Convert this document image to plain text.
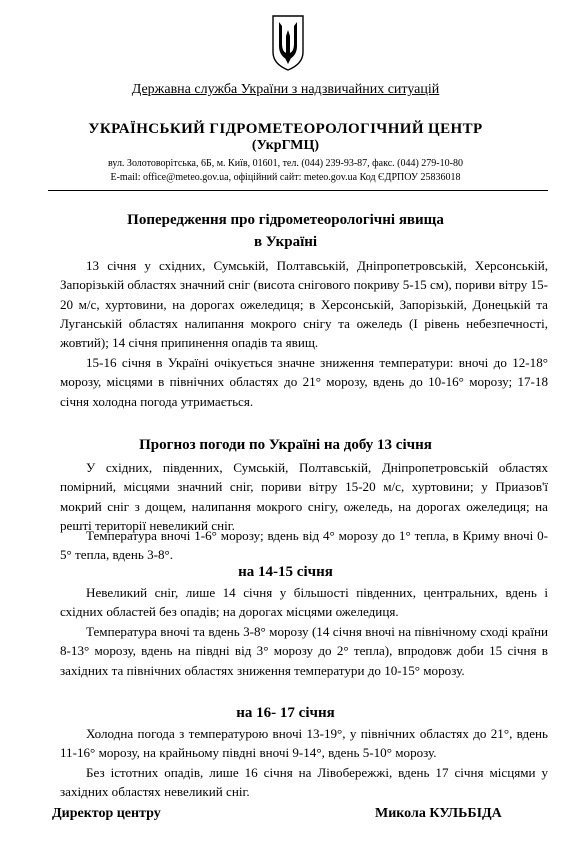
Державна служба України з надзвичайних ситуацій
УКРАЇНСЬКИЙ ГІДРОМЕТЕОРОЛОГІЧНИЙ ЦЕНТР
(УкрГМЦ)
вул. Золотоворітська, 6Б, м. Київ, 01601, тел. (044) 239-93-87, факс. (044) 279-10-80
E-mail: office@meteo.gov.ua, офіційний сайт: meteo.gov.ua Код ЄДРПОУ 25836018
Попередження про гідрометеорологічні явища
в Україні

13 січня у східних, Сумській, Полтавській, Дніпропетровській, Херсонській, Запорізькій областях значний сніг (висота снігового покриву 5-15 см), пориви вітру 15-20 м/с, хуртовини, на дорогах ожеледиця; в Херсонській, Запорізькій, Донецькій та Луганській областях налипання мокрого снігу та ожеледь (І рівень небезпечності, жовтий); 14 січня припинення опадів та явищ.

15-16 січня в Україні очікується значне зниження температури: вночі до 12-18° морозу, місцями в північних областях до 21° морозу, вдень до 10-16° морозу; 17-18 січня холодна погода утримається.

Прогноз погоди по Україні на добу 13 січня

У східних, південних, Сумській, Полтавській, Дніпропетровській областях помірний, місцями значний сніг, пориви вітру 15-20 м/с, хуртовини; у Приазов'ї мокрий сніг з дощем, налипання мокрого снігу, ожеледь, на дорогах ожеледиця; на решті території невеликий сніг.

Температура вночі 1-6° морозу; вдень від 4° морозу до 1° тепла, в Криму вночі 0-5° тепла, вдень 3-8°.

на 14-15 січня

Невеликий сніг, лише 14 січня у більшості південних, центральних, вдень і східних областей без опадів; на дорогах місцями ожеледиця.

Температура вночі та вдень 3-8° морозу (14 січня вночі на північному сході країни 8-13° морозу, вдень на півдні від 3° морозу до 2° тепла), впродовж доби 15 січня в західних та північних областях зниження температури до 10-15° морозу.

на 16- 17 січня

Холодна погода з температурою вночі 13-19°, у північних областях до 21°, вдень 11-16° морозу, на крайньому півдні вночі 9-14°, вдень 5-10° морозу.

Без істотних опадів, лише 16 січня на Лівобережжі, вдень 17 січня місцями у західних областях невеликий сніг.

Директор центру	Микола КУЛЬБІДА
